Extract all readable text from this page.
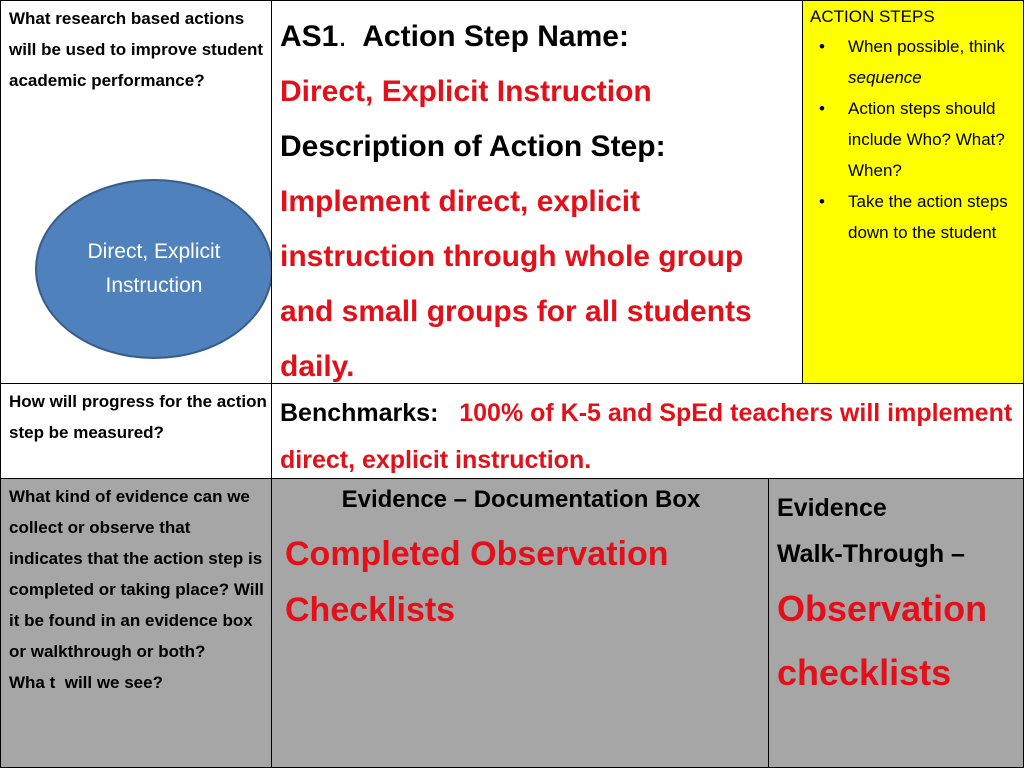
What research based actions will be used to improve student academic performance?
Direct, Explicit Instruction
AS1. Action Step Name:
Direct, Explicit Instruction
Description of Action Step:
Implement direct, explicit instruction through whole group and small groups for all students daily.
ACTION STEPS
• When possible, think sequence
• Action steps should include Who? What? When?
• Take the action steps down to the student
How will progress for the action step be measured?
Benchmarks: 100% of K-5 and SpEd teachers will implement direct, explicit instruction.
What kind of evidence can we collect or observe that indicates that the action step is completed or taking place? Will it be found in an evidence box or walkthrough or both?
Wha t  will we see?
Evidence – Documentation Box
Completed Observation Checklists
Evidence
Walk-Through –
Observation checklists
